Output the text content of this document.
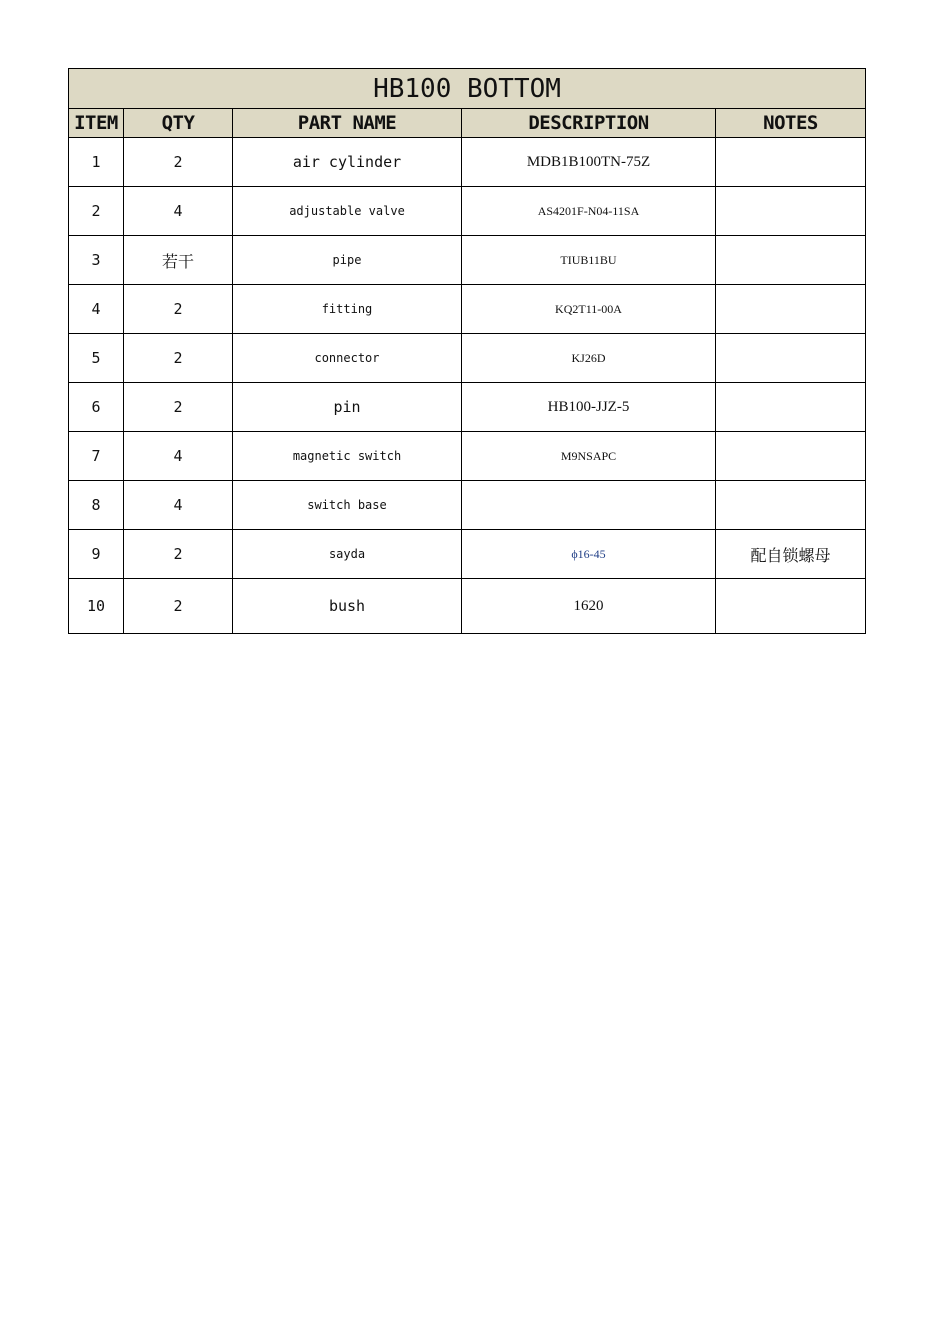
HB100 BOTTOM				
ITEM	QTY	PART NAME	DESCRIPTION	NOTES
1	2	air cylinder	MDB1B100TN-75Z	
2	4	adjustable valve	AS4201F-N04-11SA	
3	若干	pipe	TIUB11BU	
4	2	fitting	KQ2T11-00A	
5	2	connector	KJ26D	
6	2	pin	HB100-JJZ-5	
7	4	magnetic switch	M9NSAPC	
8	4	switch base		
9	2	sayda	ϕ16-45	配自锁螺母
10	2	bush	1620	
